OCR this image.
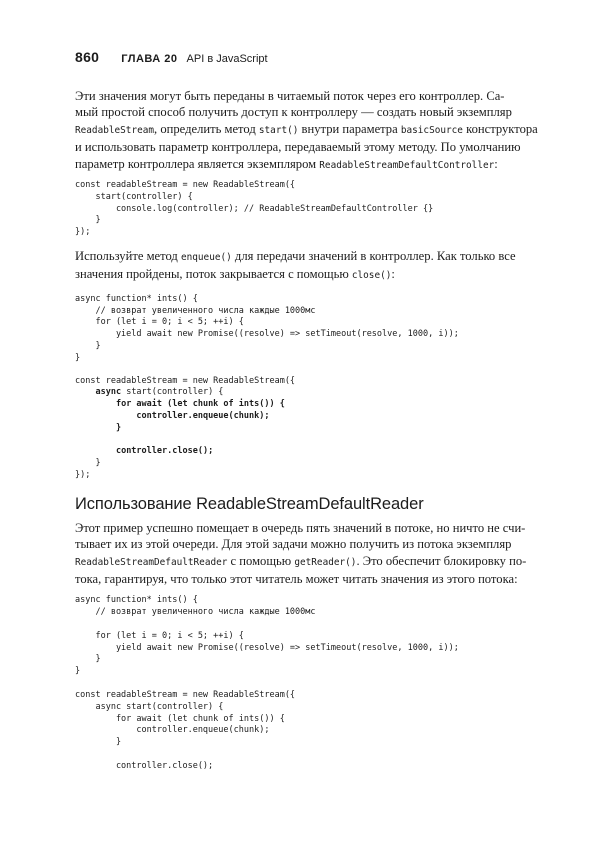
860 ГЛАВА 20 API в JavaScript

Эти значения могут быть переданы в читаемый поток через его контроллер. Са-
мый простой способ получить доступ к контроллеру — создать новый экземпляр
ReadableStream, определить метод start() внутри параметра basicSource конструктора
и использовать параметр контроллера, передаваемый этому методу. По умолчанию
параметр контроллера является экземпляром ReadableStreamDefaultController:

const readableStream = new ReadableStream({
start(controller) {
console.log(controller); // ReadableStreamDefaultController {}
}
});

Используйте метод enqueue() для передачи значений в контроллер. Как только все
значения пройдены, поток закрывается с помощью close():

async function* ints() {
// возврат увеличенного числа каждые 1000мс
for (let i = 0; i < 5; ++i) {
yield await new Promise((resolve) => setTimeout(resolve, 1000, i));
}
}
const readableStream = new ReadableStream({
async start(controller) {
for await (let chunk of ints()) {
controller.enqueue(chunk);
}

controller.close();
}
});
Использование ReadableStreamDefaultReader

Этот пример успешно помещает в очередь пять значений в потоке, но ничто не счи-
тывает их из этой очереди. Для этой задачи можно получить из потока экземпляр
ReadableStreamDefaultReader с помощью getReader(). Это обеспечит блокировку по-
тока, гарантируя, что только этот читатель может читать значения из этого потока:

async function* ints() {
// возврат увеличенного числа каждые 1000мс

for (let i = 0; i < 5; ++i) {
yield await new Promise((resolve) => setTimeout(resolve, 1000, i));
}
}
const readableStream = new ReadableStream({
async start(controller) {
for await (let chunk of ints()) {
controller.enqueue(chunk);
}

controller.close();
